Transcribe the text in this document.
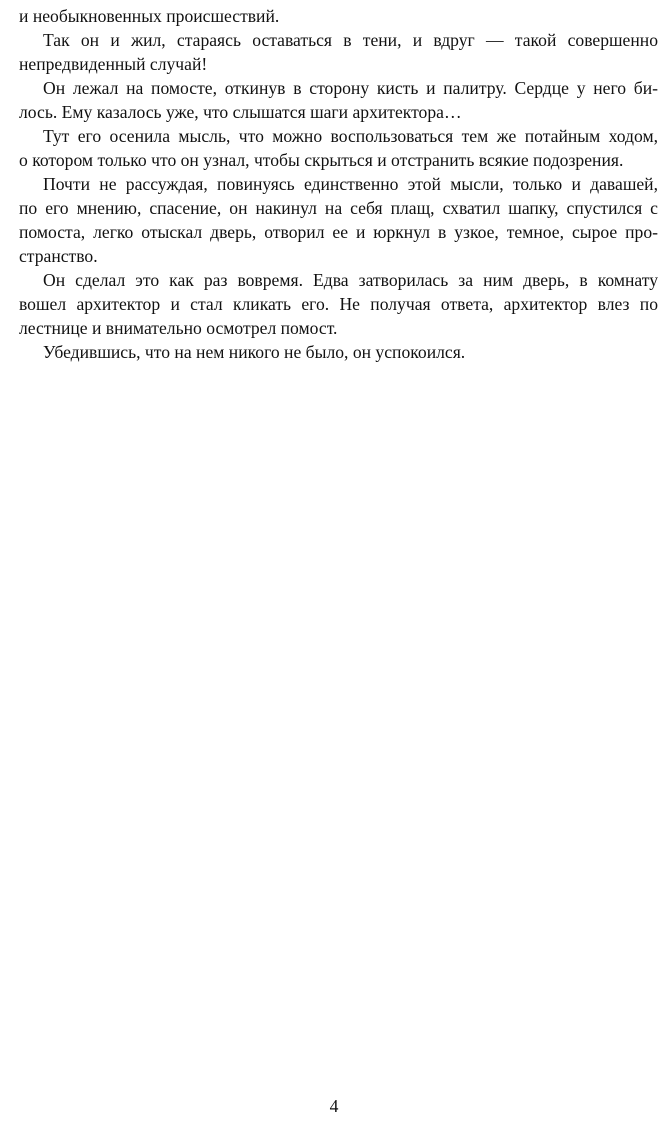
и необыкновенных происшествий.
Так он и жил, стараясь оставаться в тени, и вдруг — такой совершенно
непредвиденный случай!
Он лежал на помосте, откинув в сторону кисть и палитру. Сердце у него би-
лось. Ему казалось уже, что слышатся шаги архитектора…
Тут его осенила мысль, что можно воспользоваться тем же потайным ходом,
о котором только что он узнал, чтобы скрыться и отстранить всякие подозрения.
Почти не рассуждая, повинуясь единственно этой мысли, только и давашей,
по его мнению, спасение, он накинул на себя плащ, схватил шапку, спустился с
помоста, легко отыскал дверь, отворил ее и юркнул в узкое, темное, сырое про-
странство.
Он сделал это как раз вовремя. Едва затворилась за ним дверь, в комнату
вошел архитектор и стал кликать его. Не получая ответа, архитектор влез по
лестнице и внимательно осмотрел помост.
Убедившись, что на нем никого не было, он успокоился.
4
